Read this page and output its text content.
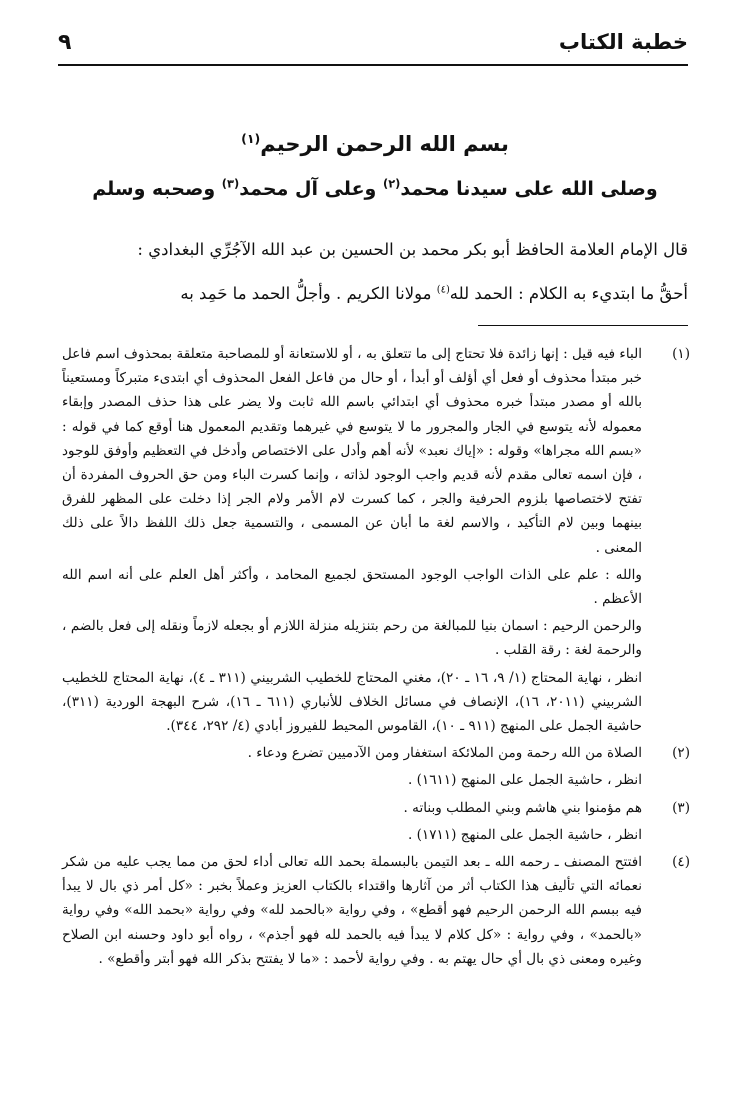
خطبة الكتاب
٩
بسم الله الرحمن الرحيم$^{(١)}$
وصلى الله على سيدنا محمد$^{(٢)}$ وعلى آل محمد$^{(٣)}$ وصحبه وسلم

قال الإمام العلامة الحافظ أبو بكر محمد بن الحسين بن عبد الله الآجُرِّي البغدادي :

أحقُّ ما ابتديء به الكلام : الحمد لله$^{(٤)}$ مولانا الكريم . وأجلُّ الحمد ما حَمِد به

(١)

الباء فيه قيل : إنها زائدة فلا تحتاج إلى ما تتعلق به ، أو للاستعانة أو للمصاحبة متعلقة بمحذوف اسم فاعل خبر مبتدأ محذوف أو فعل أي أؤلف أو أبدأ ، أو حال من فاعل الفعل المحذوف أي ابتدىء متبركاً ومستعيناً بالله أو مصدر مبتدأ خبره محذوف أي ابتدائي باسم الله ثابت ولا يضر على هذا حذف المصدر وإبقاء معموله لأنه يتوسع في الجار والمجرور ما لا يتوسع في غيرهما وتقديم المعمول هنا أوقع كما في قوله : «بسم الله مجراها» وقوله : «إياك نعبد» لأنه أهم وأدل على الاختصاص وأدخل في التعظيم وأوفق للوجود ، فإن اسمه تعالى مقدم لأنه قديم واجب الوجود لذاته ، وإنما كسرت الباء ومن حق الحروف المفردة أن تفتح لاختصاصها بلزوم الحرفية والجر ، كما كسرت لام الأمر ولام الجر إذا دخلت على المظهر للفرق بينهما وبين لام التأكيد ، والاسم لغة ما أبان عن المسمى ، والتسمية جعل ذلك اللفظ دالاً على ذلك المعنى .

والله : علم على الذات الواجب الوجود المستحق لجميع المحامد ، وأكثر أهل العلم على أنه اسم الله الأعظم .

والرحمن الرحيم : اسمان بنيا للمبالغة من رحم بتنزيله منزلة اللازم أو بجعله لازماً ونقله إلى فعل بالضم ، والرحمة لغة : رقة القلب .

انظر ، نهاية المحتاج (١/ ٩، ١٦ ـ ٢٠)، مغني المحتاج للخطيب الشربيني (٣١١ ـ ٤)، نهاية المحتاج للخطيب الشربيني (٢٠١١، ١٦)، الإنصاف في مسائل الخلاف للأنباري (٦١١ ـ ١٦)، شرح البهجة الوردية (٣١١)، حاشية الجمل على المنهج (٩١١ ـ ١٠)، القاموس المحيط للفيروز أبادي (٤/ ٢٩٢، ٣٤٤).

(٢)

الصلاة من الله رحمة ومن الملائكة استغفار ومن الآدميين تضرع ودعاء .

انظر ، حاشية الجمل على المنهج (١٦١١) .

(٣)

هم مؤمنوا بني هاشم وبني المطلب وبناته .

انظر ، حاشية الجمل على المنهج (١٧١١) .

(٤)

افتتح المصنف ـ رحمه الله ـ بعد التيمن بالبسملة بحمد الله تعالى أداء لحق من مما يجب عليه من شكر نعمائه التي تأليف هذا الكتاب أثر من آثارها واقتداء بالكتاب العزيز وعملاً بخبر : «كل أمر ذي بال لا يبدأ فيه ببسم الله الرحمن الرحيم فهو أقطع» ، وفي رواية «بالحمد لله» وفي رواية «بحمد الله» وفي رواية «بالحمد» ، وفي رواية : «كل كلام لا يبدأ فيه بالحمد لله فهو أجذم» ، رواه أبو داود وحسنه ابن الصلاح وغيره ومعنى ذي بال أي حال يهتم به . وفي رواية لأحمد : «ما لا يفتتح بذكر الله فهو أبتر وأقطع» .
